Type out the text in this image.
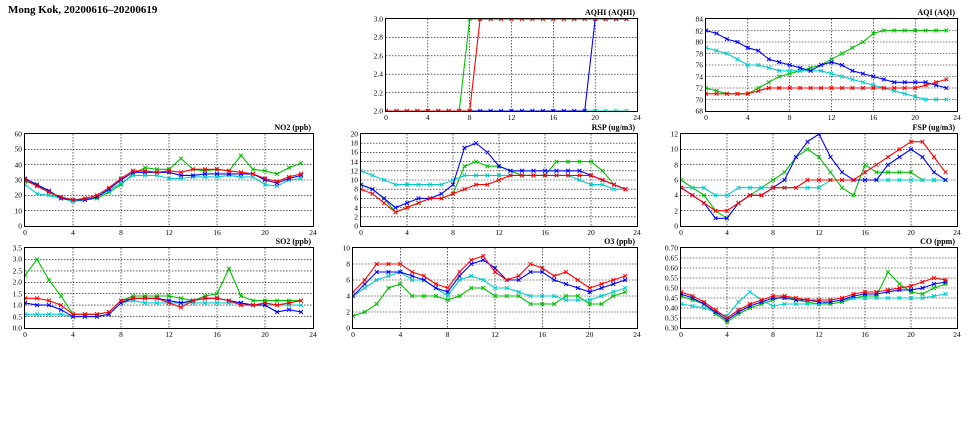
Mong Kok, 20200616–20200619	AQHI (AQHI)
0	4	8	12	16	20	24
2.0
2.2
2.4
2.6
2.8
3.0
AQI (AQI)
0	4	8	12	16	20	24
68
70
72
74
76
78
80
82
84
NO2 (ppb)
0	4	8	12	16	20	24
0
10
20
30
40
50
60
RSP (ug/m3)
0	4	8	12	16	20	24
0
2
4
6
8
10
12
14
16
18
20
FSP (ug/m3)
0	4	8	12	16	20	24
0
2
4
6
8
10
12
SO2 (ppb)
0	4	8	12	16	20	24
0.0
0.5
1.0
1.5
2.0
2.5
3.0
3.5
O3 (ppb)
0	4	8	12	16	20	24
0
2
4
6
8
10
CO (ppm)
0	4	8	12	16	20	24
0.30
0.35
0.40
0.45
0.50
0.55
0.60
0.65
0.70
